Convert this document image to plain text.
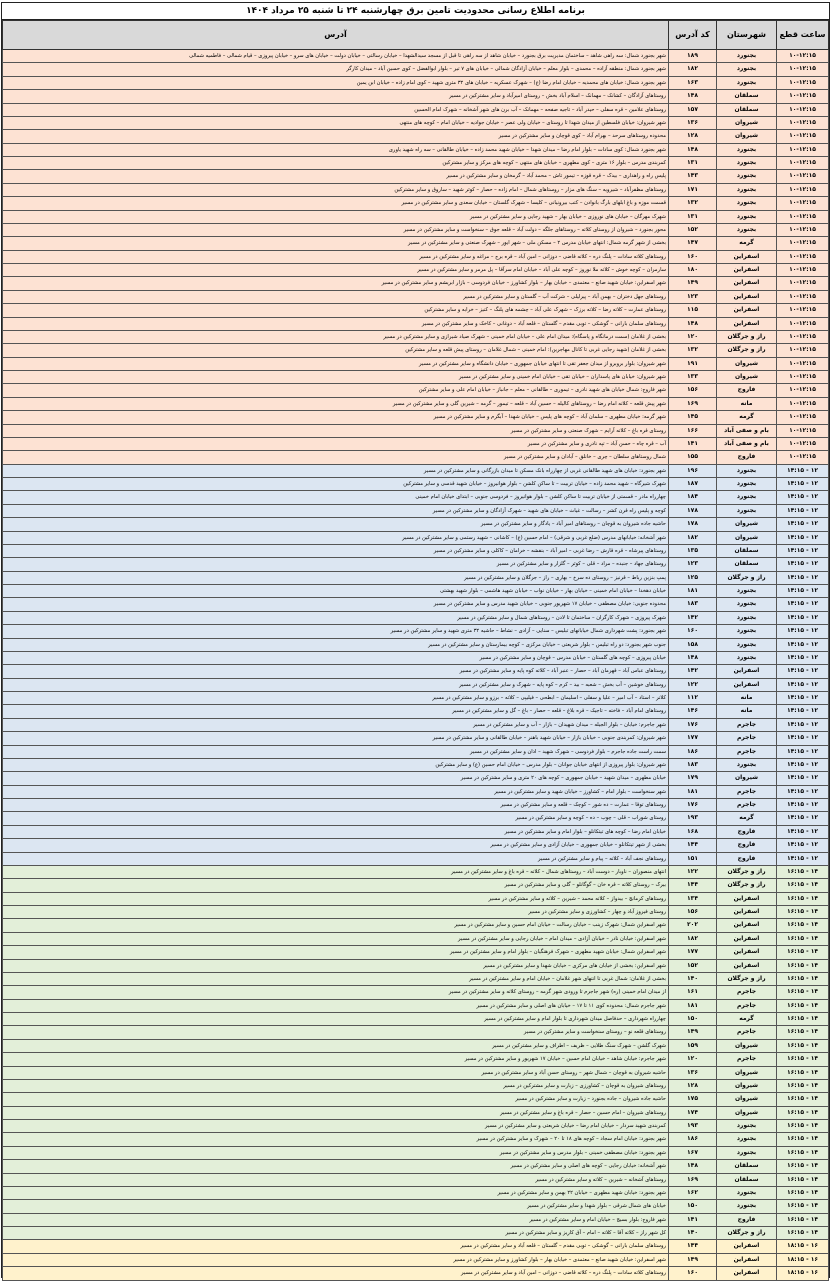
برنامه اطلاع رسانی محدودیت تامین برق چهارشنبه ۲۴ تا شنبه ۲۵ مرداد ۱۴۰۴
ساعت قطع	شهرستان	کد آدرس	آدرس
۱۰-۱۲:۱۵	بجنورد	۱۸۹	شهر بجنورد شمال: سه راهی شاهد – ساختمان مدیریت برق بجنورد – خیابان شاهد از سه راهی تا قبل از مسجد سیدالشهدا – خیابان رسالتی – خیابان دولت – خیابان های سرو – خیابان پیروزی – قیام شمالی – فاطمیه شمالی
۱۰-۱۲:۱۵	بجنورد	۱۸۲	شهر بجنورد شمال: منطقه آزاده – محمدی – بلوار معلم – خیابان آزادگان شمالی – خیابان های ۷ تیر – بلوار ابوالفضل – کوی حسین آباد – میدان کارگر
۱۰-۱۲:۱۵	بجنورد	۱۶۳	شهر بجنورد شمال: خیابان های محمدیه – خیابان امام رضا (ع) – شهرک عسکریه – خیابان های ۳۲ متری شهید – کوی امام زاده – خیابان ابن یمین
۱۰-۱۲:۱۵	سملقان	۱۴۸	روستاهای آزادگان – کشانک – مهمانک – اسلام آباد بخش – روستای امیرآباد و سایر مشترکین در مسیر
۱۰-۱۲:۱۵	سملقان	۱۵۷	روستاهای علامین – قره سفلی – حیدر آباد – تاجیه صفحه – مهمانک – آب برن های شهر آشخانه – شهرک امام الحسین
۱۰-۱۲:۱۵	شیروان	۱۳۶	شهر شیروان: خیابان فلسطین از میدان شهدا تا روستای – خیابان ولی عصر – خیابان جوادیه – خیابان امام – کوچه های منتهی
۱۰-۱۲:۱۵	شیروان	۱۲۸	محدوده روستاهای سرحد – بهرام آباد – کوی قوچان و سایر مشترکین در مسیر
۱۰-۱۲:۱۵	بجنورد	۱۴۸	شهر بجنورد شمال: کوی سادات – بلوار امام رضا – میدان شهدا – خیابان شهید محمد زاده – خیابان طالقانی – سه راه شهید یاوری
۱۰-۱۲:۱۵	بجنورد	۱۳۱	کمربندی مدرس – بلوار ۱۶ متری – کوی مطهری – خیابان های منتهی – کوچه های مرکز و سایر مشترکین
۱۰-۱۲:۱۵	بجنورد	۱۴۳	پلیس راه و راهداری – بیدک – قره قوزه – تیمور تاش – محمد آباد – گرمخان و سایر مشترکین در مسیر
۱۰-۱۲:۱۵	بجنورد	۱۷۱	روستاهای مظفرآباد – شیرویه – سنگ های مزار – روستاهای شمال – امام زاده – حصار – کوثر شهید – ساروق و سایر مشترکین
۱۰-۱۲:۱۵	بجنورد	۱۳۲	قسمت موزه و باغ ابلهای بارگ بانوادن – کتب بیرونیانی – کلیسا – شهرک گلستان – خیابان سعدی و سایر مشترکین در مسیر
۱۰-۱۲:۱۵	بجنورد	۱۳۱	شهرک مهرگان – خیابان های نوروزی – خیابان بهار – شهید رجایی و سایر مشترکین در مسیر
۱۰-۱۲:۱۵	بجنورد	۱۵۲	محور بجنورد – شیروان از روستای کلاته – روستاهای جلگه – دولت آباد – قلعه جوق – سنخواست و سایر مشترکین در مسیر
۱۰-۱۲:۱۵	گرمه	۱۴۷	بخشی از شهر گرمه شمال: انتهای خیابان مدرس ۲ – مسکن ملی – شهر ایور – شهرک صنعتی و سایر مشترکین در مسیر
۱۰-۱۲:۱۵	اسفراین	۱۶۰	روستاهای کلاته سادات – پلنگ دره – کلاته قاضی – دوزانی – امین آباد – قره برج – مراغه و سایر مشترکین در مسیر
۱۰-۱۲:۱۵	اسفراین	۱۸۰	سارمران – کوچه خوش – کلاته ملا نوروز – کوچه علی آباد – خیابان امام سرآقا – پل مرمر و سایر مشترکین در مسیر
۱۰-۱۲:۱۵	اسفراین	۱۴۹	شهر اسفراین: خیابان شهید صانع – معتمدی – خیابان بهار – بلوار کشاورز – خیابان فردوسی – بازار ابریشم و سایر مشترکین در مسیر
۱۰-۱۲:۱۵	اسفراین	۱۲۳	روستاهای جهل دختران – بهمن آباد – پیرلیلی – شرکت آب – گلستان و سایر مشترکین در مسیر
۱۰-۱۲:۱۵	اسفراین	۱۱۵	روستاهای عمارت – کلاته رضا – کلاته برزک – شهرک علی آباد – چشمه های پلنگ – کنیز – خرابه و سایر مشترکین
۱۰-۱۲:۱۵	اسفراین	۱۴۸	روستاهای سلمان بارانی – گوشکی – توبی مقدم – گلستان – قلعه آباد – دوغانی – کاخک و سایر مشترکین در مسیر
۱۰-۱۲:۱۵	راز و جرگلان	۱۲۰	بخشی از غلامان (سمت درمانگاه و پاسگاه): میدان امام علی – خیابان امام خمینی – شهرک صیاد شیرازی و سایر مشترکین در مسیر
۱۰-۱۲:۱۵	راز و جرگلان	۱۳۲	بخشی از غلامان (شهید رجایی غربی تا کانال مهاجرین): امام خمینی – شمال غلامان – روستای پیش قلعه و سایر مشترکین
۱۰-۱۲:۱۵	شیروان	۱۹۱	شهر شیروان: بلوار بروبرو از میدان جعفر تقی تا انتهای خیابان جمهوری – خیابان دانشگاه و سایر مشترکین در مسیر
۱۰-۱۲:۱۵	شیروان	۱۳۳	شهر شیروان: خیابان های پاسداران – خیابان تقی – خیابان امام خمینی و سایر مشترکین در مسیر
۱۰-۱۲:۱۵	فاروج	۱۵۶	شهر فاروج: شمال خیابان های شهید نادری – تیموری – طالقانی – معلم – جانباز – خیابان امام علی و سایر مشترکین
۱۰-۱۲:۱۵	مانه	۱۶۹	شهر پیش قلعه – کلاته امام رضا – روستاهای کالیله – حسین آباد – قلعه – تیمور – گرمه – شیرین گلی و سایر مشترکین در مسیر
۱۰-۱۲:۱۵	گرمه	۱۴۵	شهر گرمه: خیابان مطهری – سلمان آباد – کوچه های پلیس – خیابان شهدا – آبگرم و سایر مشترکین در مسیر
۱۰-۱۲:۱۵	بام و صفی آباد	۱۶۶	روستای قره باغ – کلاته آرایم – شهرک صنعتی و سایر مشترکین در مسیر
۱۰-۱۲:۱۵	بام و صفی آباد	۱۴۱	آب – قره چاه – حسن آباد – تپه نادری و سایر مشترکین در مسیر
۱۰-۱۲:۱۵	فاروج	۱۵۵	شمال روستاهای سلطان – چری – خانلق – آبادان و سایر مشترکین در مسیر
۱۲ - ۱۴:۱۵	بجنورد	۱۹۶	شهر بجنورد: خیابان های شهید طالقانی غربی از چهارراه بانک مسکن تا میدان بازرگانی و سایر مشترکین در مسیر
۱۲ - ۱۴:۱۵	بجنورد	۱۸۷	شهرک شیرگاه – شهید محمد زاده – خیابان تربیت – تا ساکن کلشن – بلوار هوانیروز – خیابان شهید قدسی و سایر مشترکین
۱۲ - ۱۴:۱۵	بجنورد	۱۸۴	چهارراه مادر – قسمتی از خیابان تربیت تا ساکن کلشن – بلوار هوانیروز – فردوسی جنوبی – ابتدای خیابان امام خمینی
۱۲ - ۱۴:۱۵	بجنورد	۱۷۸	کوچه و پلیس راه قرن کشر – رسالت – غیاث – خیابان های شهید – شهرک آزادگان و سایر مشترکین در مسیر
۱۲ - ۱۴:۱۵	شیروان	۱۷۸	حاشیه جاده شیروان به قوچان – روستاهای امیر آباد – یادگار و سایر مشترکین در مسیر
۱۲ - ۱۴:۱۵	شیروان	۱۸۲	شهر آشخانه: خیابانهای مدرس (ضلع غربی و شرقی) – امام حسین (ع) – کاشانی – شهید رستمی و سایر مشترکین در مسیر
۱۲ - ۱۴:۱۵	سملقان	۱۳۵	روستاهای پیرشاه – قره قارش – رضا غربی – امیر آباد – بنفشه – خرامان – کاکلی و سایر مشترکین در مسیر
۱۲ - ۱۴:۱۵	سملقان	۱۲۳	روستاهای جهاد – جنبده – مراد – قلی – کوثر – گلزار و سایر مشترکین در مسیر
۱۲ - ۱۴:۱۵	راز و جرگلان	۱۲۵	پمپ بنزین رباط – قرنیز – روستای ده سرخ – بهاری – راز – جرگلان و سایر مشترکین در مسیر
۱۲ - ۱۴:۱۵	بجنورد	۱۸۱	خیابان دهخدا – خیابان امام خمینی – خیابان بهار – خیابان نواب – خیابان شهید هاشمی – بلوار شهید بهشتی
۱۲ - ۱۴:۱۵	بجنورد	۱۸۳	محدوده جنوبی: خیابان مصطفی – خیابان ۱۷ شهریور جنوبی – خیابان شهید مدرس و سایر مشترکین در مسیر
۱۲ - ۱۴:۱۵	بجنورد	۱۴۲	شهرک پیروزی – شهرک کارگران – ساختمان تا لادن – روستاهای شمال و سایر مشترکین در مسیر
۱۲ - ۱۴:۱۵	بجنورد	۱۶۰	شهر بجنورد: پشت شهرداری شمال خیابانهای تبلیس – سنایی – آزادی – نشاط – حاشیه ۳۲ متری شهید و سایر مشترکین در مسیر
۱۲ - ۱۴:۱۵	بجنورد	۱۵۸	جنوب شهر بجنورد: دو راه تبلیس – بلوار شریعتی – خیابان مرکزی – کوچه بیمارستان و سایر مشترکین در مسیر
۱۲ - ۱۴:۱۵	بجنورد	۱۴۸	خیابان پیروزی – کوچه های گلستان – خیابان مدرس – قوچان و سایر مشترکین در مسیر
۱۲ - ۱۴:۱۵	اسفراین	۱۴۲	روستاهای عباس آباد – قهرمان آباد – حصار – عنبر آباد – کلاته کوه پایه و سایر مشترکین در مسیر
۱۲ - ۱۴:۱۵	اسفراین	۱۲۲	روستاهای خوشین – آب بخش – شعبه – بید – کرم – کوه پایه – شهرک و سایر مشترکین در مسیر
۱۲ - ۱۴:۱۵	مانه	۱۱۲	کلاتر – استاد – آب امیر – علیا و سفلی – اسلیمان – ابطحی – فیلیپی – کلاته – برزو و سایر مشترکین در مسیر
۱۲ - ۱۴:۱۵	مانه	۱۴۶	روستاهای امام آباد – فاخته – تاجیک – قره بلاغ – قلعه – حصار – باغ – گل و سایر مشترکین در مسیر
۱۲ - ۱۴:۱۵	جاجرم	۱۷۶	شهر جاجرم: خیابان – بلوار الجیله – میدان شهیدان – بازار – آب و سایر مشترکین در مسیر
۱۲ - ۱۴:۱۵	جاجرم	۱۷۷	شهر شیروان: کمربندی جنوبی – خیابان بازار – خیابان شهید باهنر – خیابان طالقانی و سایر مشترکین در مسیر
۱۲ - ۱۴:۱۵	جاجرم	۱۸۶	سمت راست جاده جاجرم – بلوار فردوسی – شهرک شهید – اذان و سایر مشترکین در مسیر
۱۲ - ۱۴:۱۵	بجنورد	۱۸۳	شهر شیروان: بلوار پیروزی از انتهای خیابان جوانان – بلوار مدرس – خیابان امام حسین (ع) و سایر مشترکین
۱۲ - ۱۴:۱۵	شیروان	۱۷۹	خیابان مطهری – میدان شهید – خیابان جمهوری – کوچه های ۲۰ متری و سایر مشترکین در مسیر
۱۲ - ۱۴:۱۵	جاجرم	۱۸۱	شهر سنخواست – بلوار امام – کشاورز – خیابان شهید و سایر مشترکین در مسیر
۱۲ - ۱۴:۱۵	جاجرم	۱۷۶	روستاهای توقا – عمارت – ده شور – کوچک – قلعه و سایر مشترکین در مسیر
۱۲ - ۱۴:۱۵	گرمه	۱۹۳	روستای شوراب – قلی – چوب – ده – کوچه و سایر مشترکین در مسیر
۱۲ - ۱۴:۱۵	فاروج	۱۶۸	خیابان امام رضا – کوچه های تیتکانلو – بلوار امام و سایر مشترکین در مسیر
۱۲ - ۱۴:۱۵	فاروج	۱۴۴	بخشی از شهر تیتکانلو – خیابان جمهوری – خیابان آزادی و سایر مشترکین در مسیر
۱۲ - ۱۴:۱۵	فاروج	۱۵۱	روستاهای نجف آباد – کلاته – پیام و سایر مشترکین در مسیر
۱۴ - ۱۶:۱۵	راز و جرگلان	۱۲۲	انتهای منصوران – ناوبار – دوست آباد – روستاهای شمال – کلاته – قره باغ و سایر مشترکین در مسیر
۱۴ - ۱۶:۱۵	راز و جرگلان	۱۴۴	بیرک – روستای کلاته – قره خان – گوگانلو – گلی و سایر مشترکین در مسیر
۱۴ - ۱۶:۱۵	اسفراین	۱۳۴	روستاهای کرمانچ – بیدواز – کلاته محمد – شیرین – کلاته و سایر مشترکین در مسیر
۱۴ - ۱۶:۱۵	اسفراین	۱۵۶	روستای فیروز آباد و چهار – کشاورزی و سایر مشترکین در مسیر
۱۴ - ۱۶:۱۵	اسفراین	۲۰۲	شهر اسفراین شمال: شهرک زینب – خیابان رسالت – خیابان امام حسین و سایر مشترکین در مسیر
۱۴ - ۱۶:۱۵	اسفراین	۱۸۲	شهر اسفراین: خیابان نادر – خیابان آزادی – میدان امام – خیابان رجایی و سایر مشترکین در مسیر
۱۴ - ۱۶:۱۵	اسفراین	۱۷۷	شهر اسفراین شمال: خیابان شهید مطهری – شهرک فرهنگیان – بلوار امام و سایر مشترکین در مسیر
۱۴ - ۱۶:۱۵	اسفراین	۱۵۲	شهر اسفراین: بخشی از خیابان های مرکزی – خیابان شهدا و سایر مشترکین در مسیر
۱۴ - ۱۶:۱۵	راز و جرگلان	۱۴۰	بخشی از غلامان: شمال غربی تا انتهای شهر غلامان – خیابان امام و سایر مشترکین در مسیر
۱۴ - ۱۶:۱۵	جاجرم	۱۶۱	از میدان امام خمینی (ره) شهر جاجرم تا ورودی شهر گرمه – روستای کلاته و سایر مشترکین در مسیر
۱۴ - ۱۶:۱۵	جاجرم	۱۸۱	شهر جاجرم شمال: محدوده کوی ۱۱ تا ۱۷ – خیابان های اصلی و سایر مشترکین در مسیر
۱۴ - ۱۶:۱۵	گرمه	۱۵۰	چهارراه شهرداری – حدفاصل میدان شهرداری تا بلوار امام و سایر مشترکین در مسیر
۱۴ - ۱۶:۱۵	جاجرم	۱۴۹	روستاهای قلعه نو – روستای سنخواست و سایر مشترکین در مسیر
۱۴ - ۱۶:۱۵	شیروان	۱۵۹	شهرک گلشن – شهرک سنگ طلایی – ظریف – اطراف و سایر مشترکین در مسیر
۱۴ - ۱۶:۱۵	جاجرم	۱۲۰	شهر جاجرم: خیابان شاهد – خیابان امام حسین – خیابان ۱۷ شهریور و سایر مشترکین در مسیر
۱۴ - ۱۶:۱۵	شیروان	۱۳۶	حاشیه شیروان به قوچان – شمال شهر – روستای حسن آباد و سایر مشترکین در مسیر
۱۴ - ۱۶:۱۵	شیروان	۱۲۸	روستاهای شیروان به قوچان – کشاورزی – زیارت و سایر مشترکین در مسیر
۱۴ - ۱۶:۱۵	شیروان	۱۷۵	حاشیه جاده شیروان – جاده بجنورد – زیارت و سایر مشترکین در مسیر
۱۴ - ۱۶:۱۵	شیروان	۱۷۴	روستاهای شیروان – امام حسین – حصار – قره باغ و سایر مشترکین در مسیر
۱۴ - ۱۶:۱۵	بجنورد	۱۹۳	کمربندی شهید سردار – خیابان امام رضا – خیابان شریعتی و سایر مشترکین در مسیر
۱۴ - ۱۶:۱۵	بجنورد	۱۸۶	شهر بجنورد: خیابان امام سجاد – کوچه های ۱۸ تا ۲۰ – شهرک و سایر مشترکین در مسیر
۱۴ - ۱۶:۱۵	بجنورد	۱۶۷	شهر بجنورد: خیابان مصطفی خمینی – بلوار مدرس و سایر مشترکین در مسیر
۱۴ - ۱۶:۱۵	سملقان	۱۴۸	شهر آشخانه: خیابان رجایی – کوچه های اصلی و سایر مشترکین در مسیر
۱۴ - ۱۶:۱۵	سملقان	۱۶۹	روستاهای آشخانه – شیرین – کلاته و سایر مشترکین در مسیر
۱۴ - ۱۶:۱۵	بجنورد	۱۶۲	شهر بجنورد: خیابان شهید مطهری – خیابان ۲۲ بهمن و سایر مشترکین در مسیر
۱۴ - ۱۶:۱۵	بجنورد	۱۵۰	خیابان های شمال شرقی – بلوار شهدا و سایر مشترکین در مسیر
۱۴ - ۱۶:۱۵	فاروج	۱۴۱	شهر فاروج: بلوار بسیج – خیابان امام و سایر مشترکین در مسیر
۱۴ - ۱۶:۱۵	راز و جرگلان	۱۴۰	کل شهر راز – کلاته آقا – کلاته – امام – آق کاریز و سایر مشترکین در مسیر
۱۶ - ۱۸:۱۵	اسفراین	۱۴۴	روستاهای سلمان بارانی – گوشکی – توبی مقدم – گلستان – قلعه آباد و سایر مشترکین در مسیر
۱۶ - ۱۸:۱۵	اسفراین	۱۴۹	شهر اسفراین: خیابان شهید صانع – معتمدی – خیابان بهار – بلوار کشاورز و سایر مشترکین در مسیر
۱۶ - ۱۸:۱۵	اسفراین	۱۶۰	روستاهای کلاته سادات – پلنگ دره – کلاته قاضی – دوزانی – امین آباد و سایر مشترکین در مسیر
